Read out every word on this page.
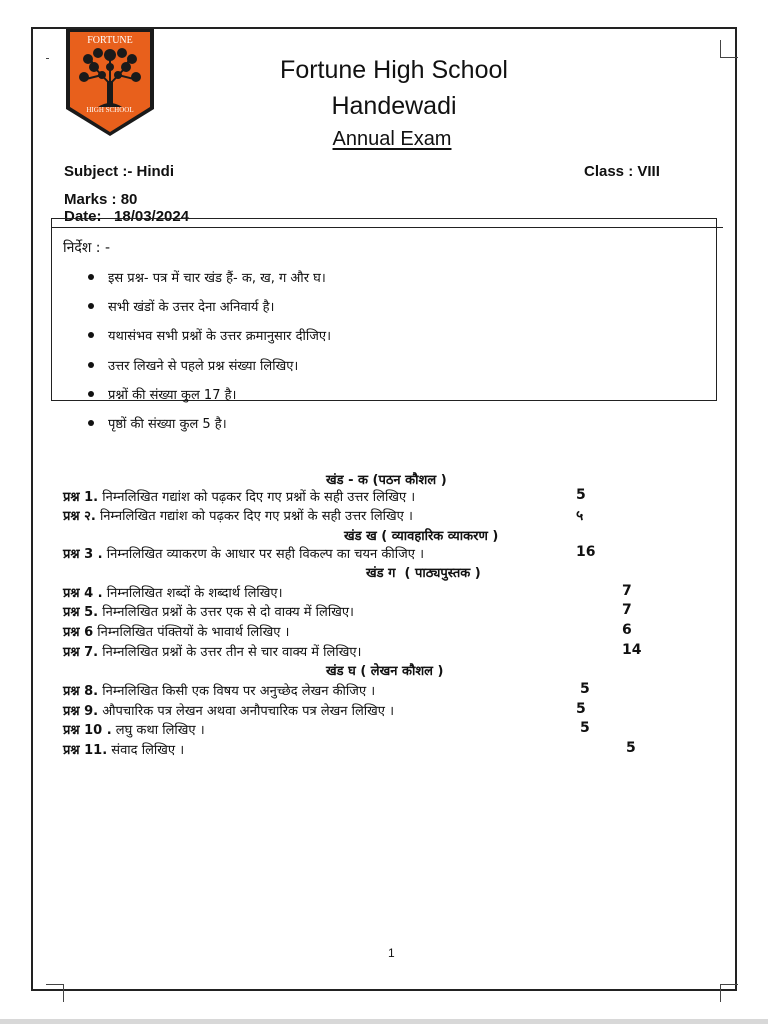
FORTUNE
HIGH SCHOOL
Fortune High School
Handewadi
Annual Exam
Subject :- Hindi	Class : VIII
Marks : 80
Date:   18/03/2024
निर्देश : -
इस प्रश्न- पत्र में चार खंड हैं- क, ख, ग और घ।
सभी खंडों के उत्तर देना अनिवार्य है।
यथासंभव सभी प्रश्नों के उत्तर क्रमानुसार दीजिए।
उत्तर लिखने से पहले प्रश्न संख्या लिखिए।
प्रश्नों की संख्या कुल 17 है।
पृष्ठों की संख्या कुल 5 है।
खंड - क (पठन कौशल )
प्रश्न 1. निम्नलिखित गद्यांश को पढ़कर दिए गए प्रश्नों के सही उत्तर लिखिए ।	5
प्रश्न २. निम्नलिखित गद्यांश को पढ़कर दिए गए प्रश्नों के सही उत्तर लिखिए ।	५
खंड ख ( व्यावहारिक व्याकरण )
प्रश्न 3 . निम्नलिखित व्याकरण के आधार पर सही विकल्प का चयन कीजिए ।	16
खंड ग  ( पाठ्यपुस्तक )
प्रश्न 4 . निम्नलिखित शब्दों के शब्दार्थ लिखिए।	7
प्रश्न 5. निम्नलिखित प्रश्नों के उत्तर एक से दो वाक्य में लिखिए।	7
प्रश्न 6 निम्नलिखित पंक्तियों के भावार्थ लिखिए ।	6
प्रश्न 7. निम्नलिखित प्रश्नों के उत्तर तीन से चार वाक्य में लिखिए।	14
खंड घ ( लेखन कौशल )
प्रश्न 8. निम्नलिखित किसी एक विषय पर अनुच्छेद लेखन कीजिए ।	5
प्रश्न 9. औपचारिक पत्र लेखन अथवा अनौपचारिक पत्र लेखन लिखिए ।	5
प्रश्न 10 . लघु कथा लिखिए ।	5
प्रश्न 11. संवाद लिखिए ।	5
1
